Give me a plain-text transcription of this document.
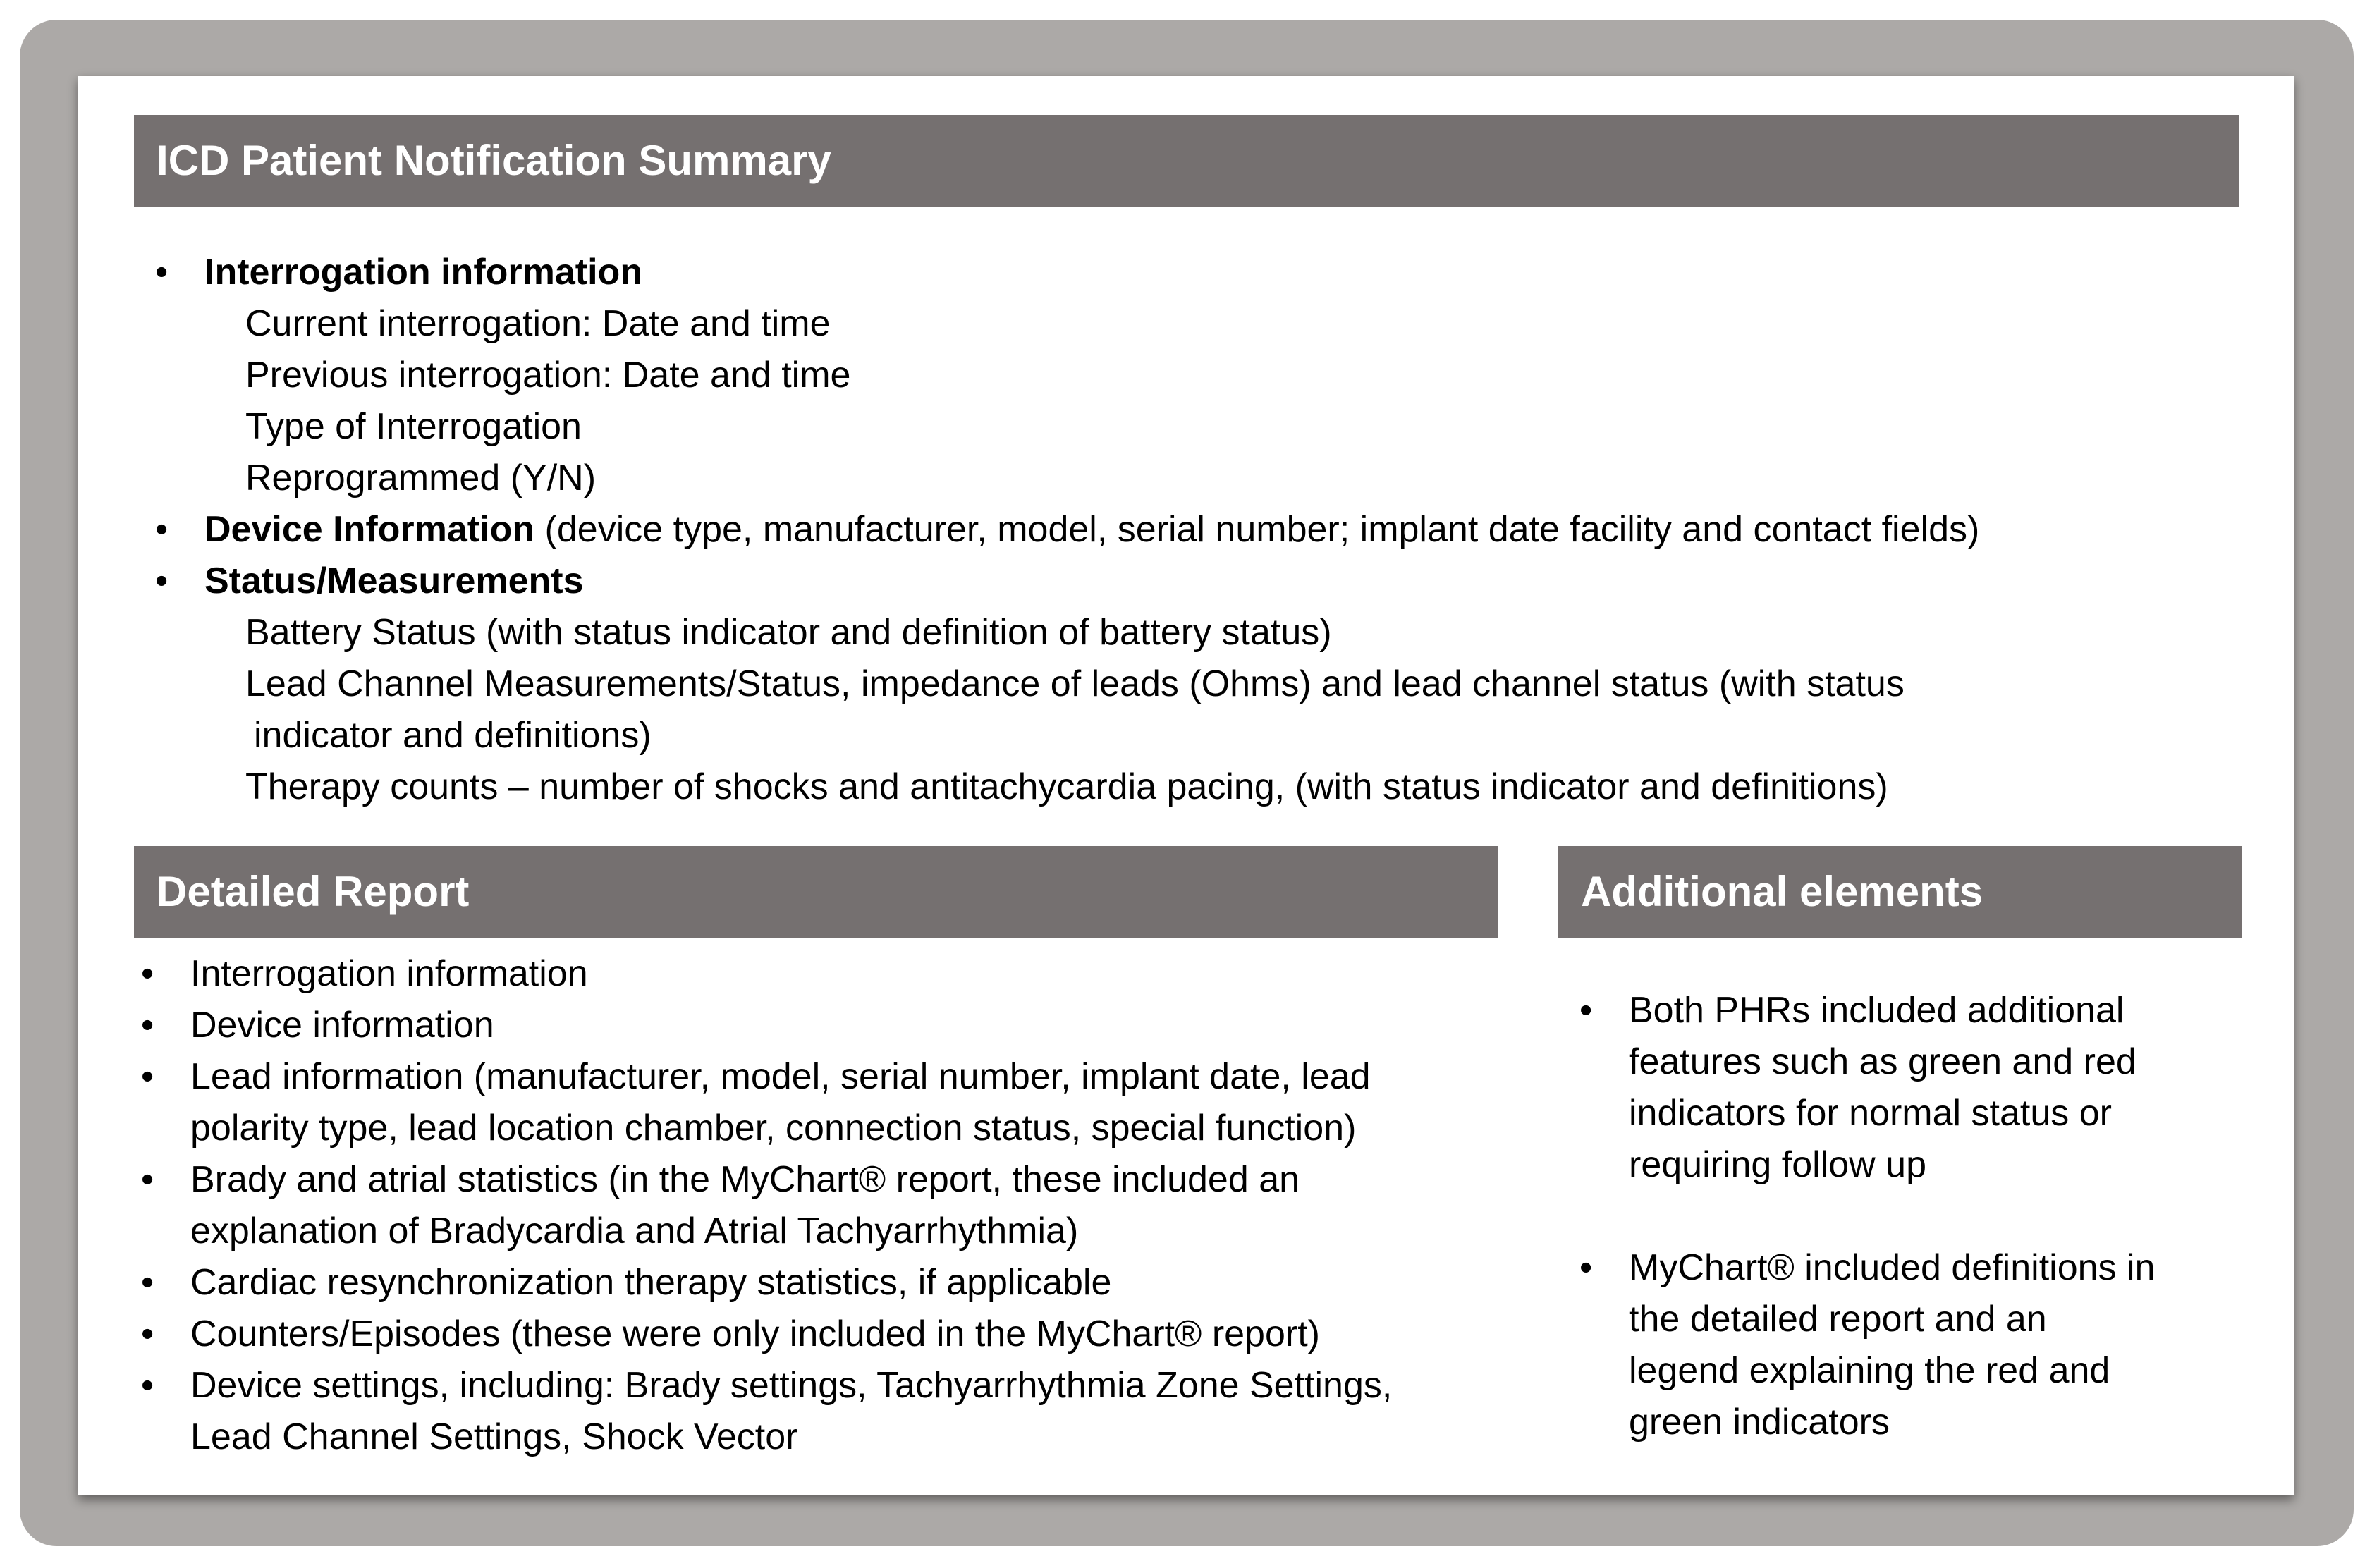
ICD Patient Notification Summary
• Interrogation information
Current interrogation: Date and time
Previous interrogation: Date and time
Type of Interrogation
Reprogrammed (Y/N)
• Device Information (device type, manufacturer, model, serial number; implant date facility and contact fields)
• Status/Measurements
Battery Status (with status indicator and definition of battery status)
Lead Channel Measurements/Status, impedance of leads (Ohms) and lead channel status (with status
indicator and definitions)
Therapy counts – number of shocks and antitachycardia pacing, (with status indicator and definitions)
Detailed Report
• Interrogation information
• Device information
• Lead information (manufacturer, model, serial number, implant date, lead
polarity type, lead location chamber, connection status, special function)
• Brady and atrial statistics (in the MyChart® report, these included an
explanation of Bradycardia and Atrial Tachyarrhythmia)
• Cardiac resynchronization therapy statistics, if applicable
• Counters/Episodes (these were only included in the MyChart® report)
• Device settings, including: Brady settings, Tachyarrhythmia Zone Settings,
Lead Channel Settings, Shock Vector
Additional elements
• Both PHRs included additional
features such as green and red
indicators for normal status or
requiring follow up
• MyChart® included definitions in
the detailed report and an
legend explaining the red and
green indicators
